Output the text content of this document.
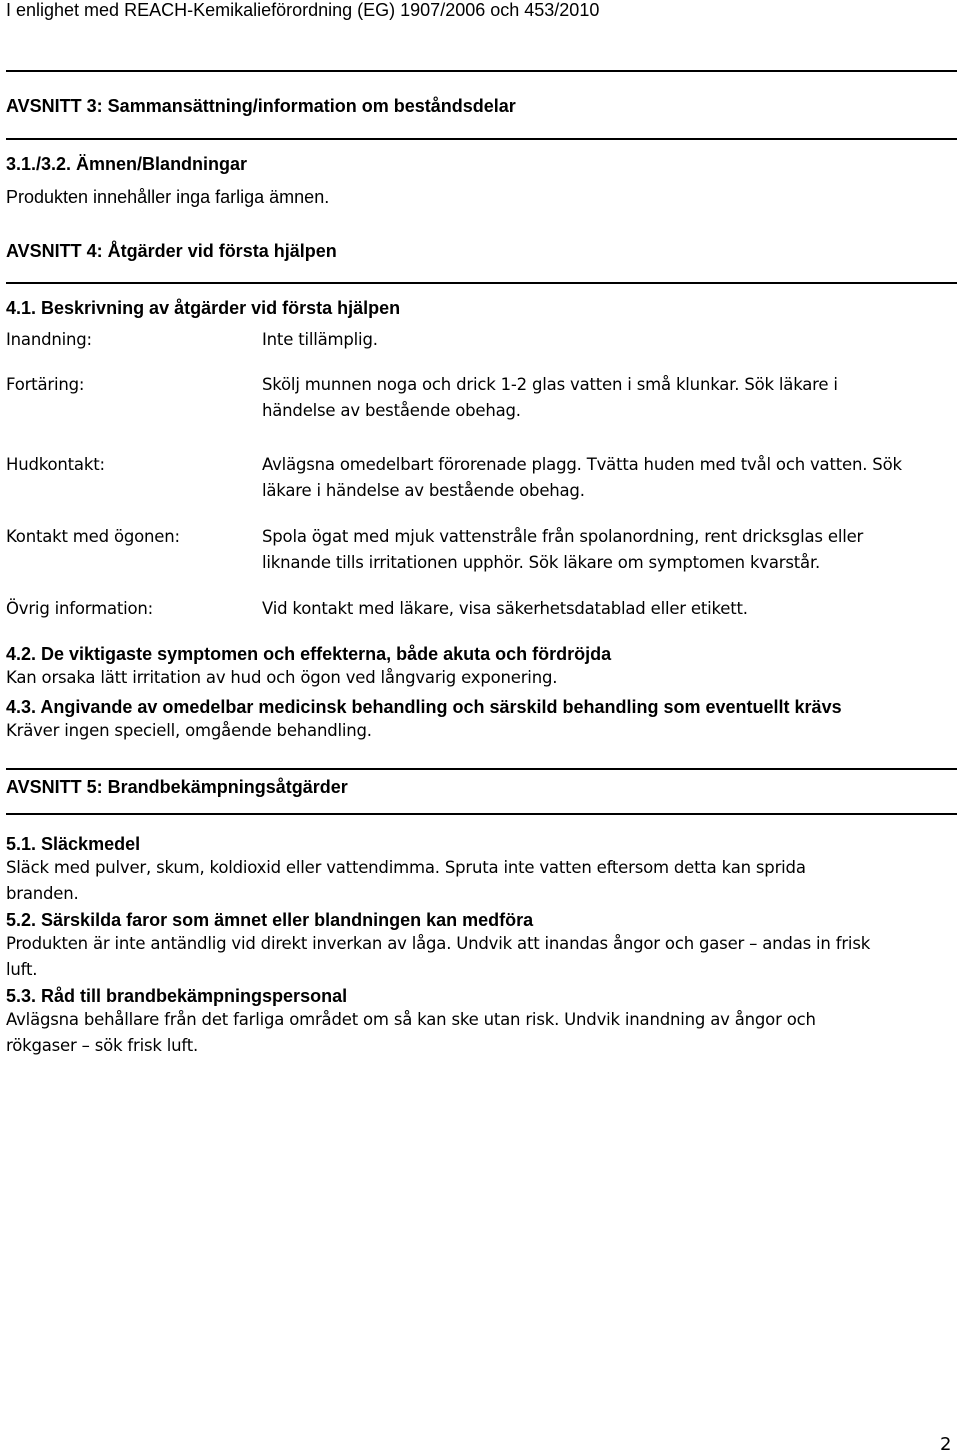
I enlighet med REACH-Kemikalieförordning (EG) 1907/2006 och 453/2010
AVSNITT 3: Sammansättning/information om beståndsdelar
3.1./3.2. Ämnen/Blandningar
Produkten innehåller inga farliga ämnen.
AVSNITT 4: Åtgärder vid första hjälpen
4.1. Beskrivning av åtgärder vid första hjälpen
Inandning:	Inte tillämplig.
Fortäring:	Skölj munnen noga och drick 1-2 glas vatten i små klunkar. Sök läkare i
händelse av bestående obehag.
Hudkontakt:	Avlägsna omedelbart förorenade plagg. Tvätta huden med tvål och vatten. Sök
läkare i händelse av bestående obehag.
Kontakt med ögonen:	Spola ögat med mjuk vattenstråle från spolanordning, rent dricksglas eller
liknande tills irritationen upphör. Sök läkare om symptomen kvarstår.
Övrig information:	Vid kontakt med läkare, visa säkerhetsdatablad eller etikett.
4.2. De viktigaste symptomen och effekterna, både akuta och fördröjda
Kan orsaka lätt irritation av hud och ögon ved långvarig exponering.
4.3. Angivande av omedelbar medicinsk behandling och särskild behandling som eventuellt krävs
Kräver ingen speciell, omgående behandling.
AVSNITT 5: Brandbekämpningsåtgärder
5.1. Släckmedel
Släck med pulver, skum, koldioxid eller vattendimma. Spruta inte vatten eftersom detta kan sprida
branden.
5.2. Särskilda faror som ämnet eller blandningen kan medföra
Produkten är inte antändlig vid direkt inverkan av låga. Undvik att inandas ångor och gaser – andas in frisk
luft.
5.3. Råd till brandbekämpningspersonal
Avlägsna behållare från det farliga området om så kan ske utan risk. Undvik inandning av ångor och
rökgaser – sök frisk luft.
2
